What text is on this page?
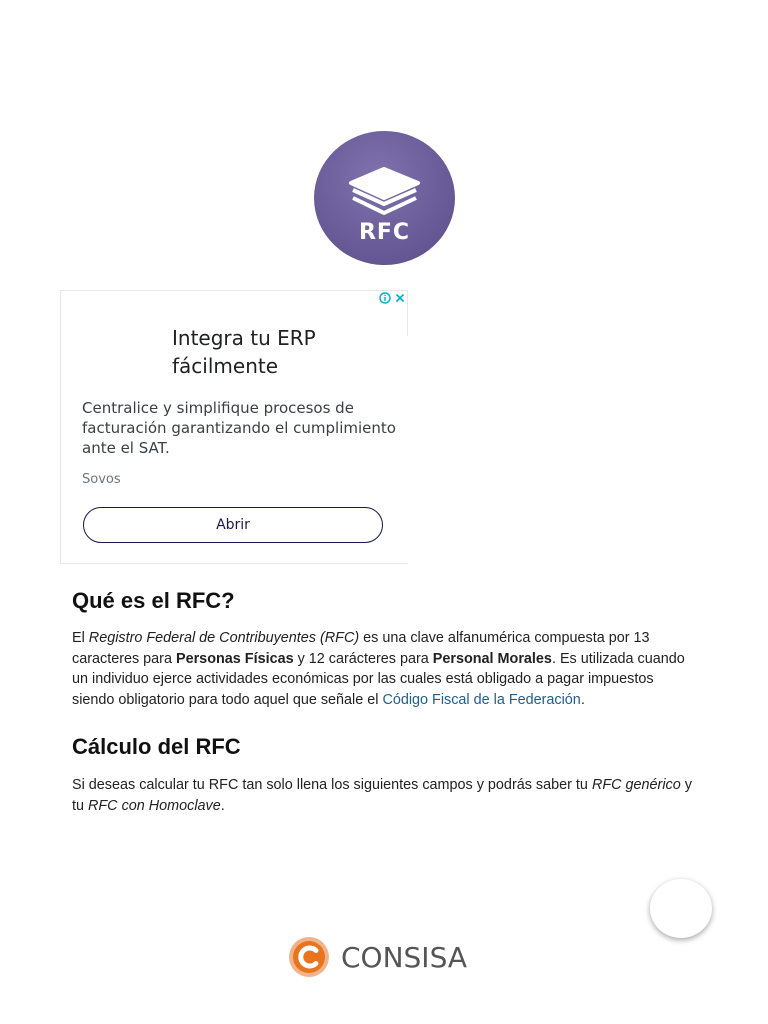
RFC
Integra tu ERP fácilmente
Centralice y simplifique procesos de facturación garantizando el cumplimiento ante el SAT.
Sovos
Abrir
Qué es el RFC?

El Registro Federal de Contribuyentes (RFC) es una clave alfanumérica compuesta por 13 caracteres para Personas Físicas y 12 carácteres para Personal Morales. Es utilizada cuando un individuo ejerce actividades económicas por las cuales está obligado a pagar impuestos siendo obligatorio para todo aquel que señale el Código Fiscal de la Federación.

Cálculo del RFC

Si deseas calcular tu RFC tan solo llena los siguientes campos y podrás saber tu RFC genérico y tu RFC con Homoclave.

CONSISA
